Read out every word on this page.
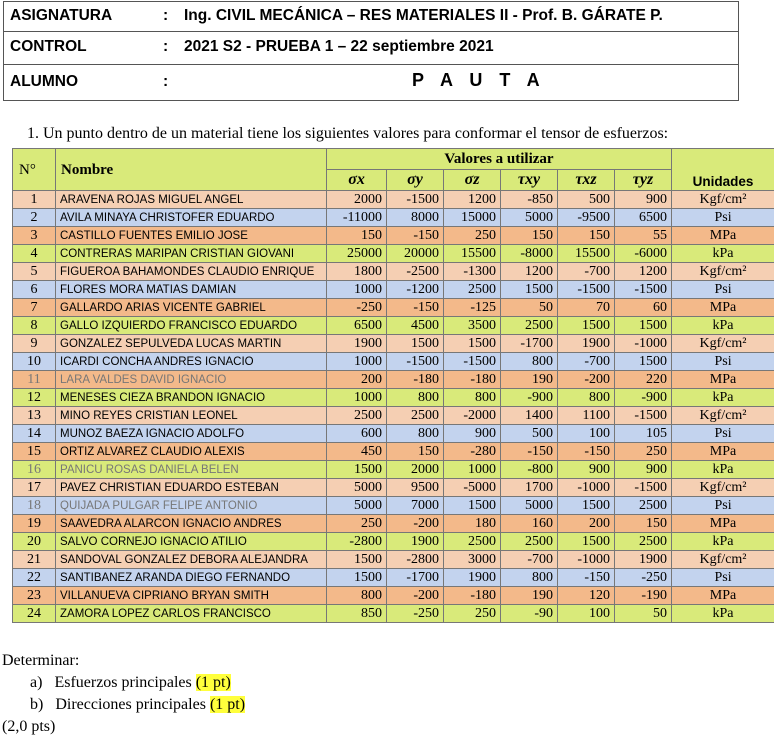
ASIGNATURA	: Ing. CIVIL MECÁNICA – RES MATERIALES II - Prof. B. GÁRATE P.
CONTROL	: 2021 S2 - PRUEBA 1 – 22 septiembre 2021
ALUMNO	:	P A U T A
1. Un punto dentro de un material tiene los siguientes valores para conformar el tensor de esfuerzos:
N°	Nombre	Valores a utilizar						Unidades
		σx	σy	σz	τxy	τxz	τyz	
1	ARAVENA ROJAS MIGUEL ANGEL	2000	-1500	1200	-850	500	900	Kgf/cm²
2	AVILA MINAYA CHRISTOFER EDUARDO	-11000	8000	15000	5000	-9500	6500	Psi
3	CASTILLO FUENTES EMILIO JOSE	150	-150	250	150	150	55	MPa
4	CONTRERAS MARIPAN CRISTIAN GIOVANI	25000	20000	15500	-8000	15500	-6000	kPa
5	FIGUEROA BAHAMONDES CLAUDIO ENRIQUE	1800	-2500	-1300	1200	-700	1200	Kgf/cm²
6	FLORES MORA MATIAS DAMIAN	1000	-1200	2500	1500	-1500	-1500	Psi
7	GALLARDO ARIAS VICENTE GABRIEL	-250	-150	-125	50	70	60	MPa
8	GALLO IZQUIERDO FRANCISCO EDUARDO	6500	4500	3500	2500	1500	1500	kPa
9	GONZALEZ SEPULVEDA LUCAS MARTIN	1900	1500	1500	-1700	1900	-1000	Kgf/cm²
10	ICARDI CONCHA ANDRES IGNACIO	1000	-1500	-1500	800	-700	1500	Psi
11	LARA VALDES DAVID IGNACIO	200	-180	-180	190	-200	220	MPa
12	MENESES CIEZA BRANDON IGNACIO	1000	800	800	-900	800	-900	kPa
13	MINO REYES CRISTIAN LEONEL	2500	2500	-2000	1400	1100	-1500	Kgf/cm²
14	MUNOZ BAEZA IGNACIO ADOLFO	600	800	900	500	100	105	Psi
15	ORTIZ ALVAREZ CLAUDIO ALEXIS	450	150	-280	-150	-150	250	MPa
16	PANICU ROSAS DANIELA BELEN	1500	2000	1000	-800	900	900	kPa
17	PAVEZ CHRISTIAN EDUARDO ESTEBAN	5000	9500	-5000	1700	-1000	-1500	Kgf/cm²
18	QUIJADA PULGAR FELIPE ANTONIO	5000	7000	1500	5000	1500	2500	Psi
19	SAAVEDRA ALARCON IGNACIO ANDRES	250	-200	180	160	200	150	MPa
20	SALVO CORNEJO IGNACIO ATILIO	-2800	1900	2500	2500	1500	2500	kPa
21	SANDOVAL GONZALEZ DEBORA ALEJANDRA	1500	-2800	3000	-700	-1000	1900	Kgf/cm²
22	SANTIBANEZ ARANDA DIEGO FERNANDO	1500	-1700	1900	800	-150	-250	Psi
23	VILLANUEVA CIPRIANO BRYAN SMITH	800	-200	-180	190	120	-190	MPa
24	ZAMORA LOPEZ CARLOS FRANCISCO	850	-250	250	-90	100	50	kPa
Determinar:
a) Esfuerzos principales (1 pt)
b) Direcciones principales (1 pt)
(2,0 pts)
